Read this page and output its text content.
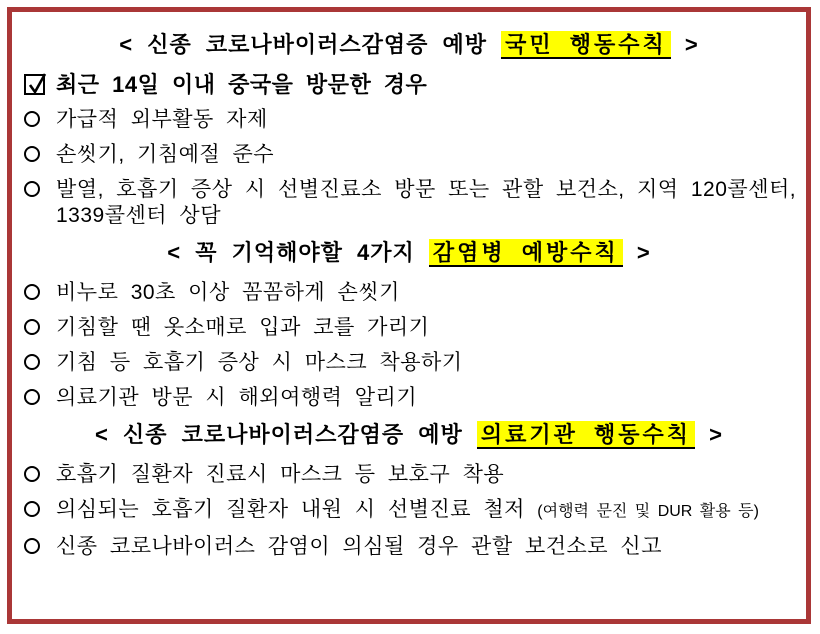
< 신종 코로나바이러스감염증 예방 국민 행동수칙 >
최근 14일 이내 중국을 방문한 경우
가급적 외부활동 자제
손씻기, 기침예절 준수
발열, 호흡기 증상 시 선별진료소 방문 또는 관할 보건소, 지역 120콜센터, 1339콜센터 상담
< 꼭 기억해야할 4가지 감염병 예방수칙 >
비누로 30초 이상 꼼꼼하게 손씻기
기침할 땐 옷소매로 입과 코를 가리기
기침 등 호흡기 증상 시 마스크 착용하기
의료기관 방문 시 해외여행력 알리기
< 신종 코로나바이러스감염증 예방 의료기관 행동수칙 >
호흡기 질환자 진료시 마스크 등 보호구 착용
의심되는 호흡기 질환자 내원 시 선별진료 철저 (여행력 문진 및 DUR 활용 등)
신종 코로나바이러스 감염이 의심될 경우 관할 보건소로 신고
